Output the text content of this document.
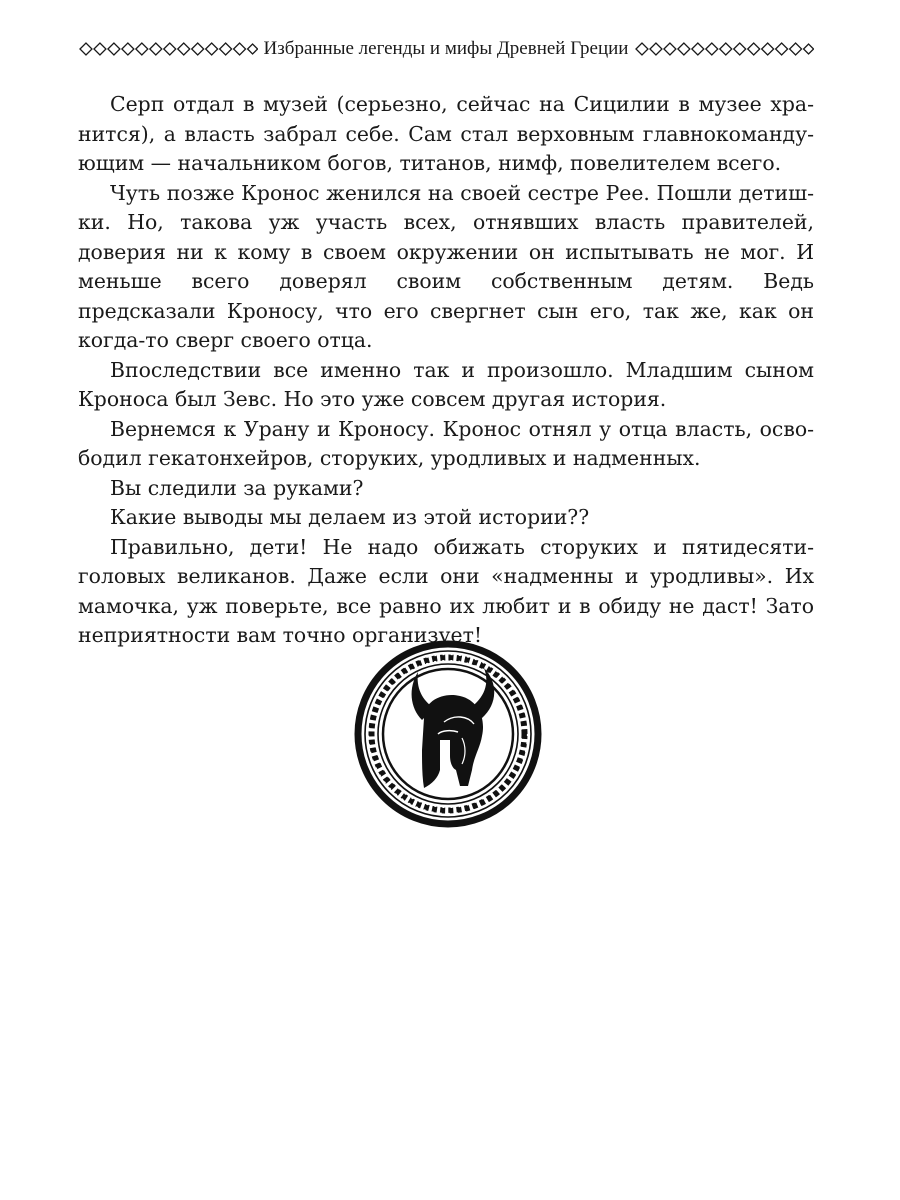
Избранные легенды и мифы Древней Греции

Серп отдал в музей (серьезно, сейчас на Сицилии в музее хранится), а власть забрал себе. Сам стал верховным главнокомандующим — начальником богов, титанов, нимф, повелителем всего.

Чуть позже Кронос женился на своей сестре Рее. Пошли детишки. Но, такова уж участь всех, отнявших власть правителей, доверия ни к кому в своем окружении он испытывать не мог. И меньше всего доверял своим собственным детям. Ведь предсказали Кроносу, что его свергнет сын его, так же, как он когда-то сверг своего отца.

Впоследствии все именно так и произошло. Младшим сыном Кроноса был Зевс. Но это уже совсем другая история.

Вернемся к Урану и Кроносу. Кронос отнял у отца власть, освободил гекатонхейров, сторуких, уродливых и надменных.

Вы следили за руками?

Какие выводы мы делаем из этой истории??

Правильно, дети! Не надо обижать сторуких и пятидесятиголовых великанов. Даже если они «надменны и уродливы». Их мамочка, уж поверьте, все равно их любит и в обиду не даст! Зато неприятности вам точно организует!
